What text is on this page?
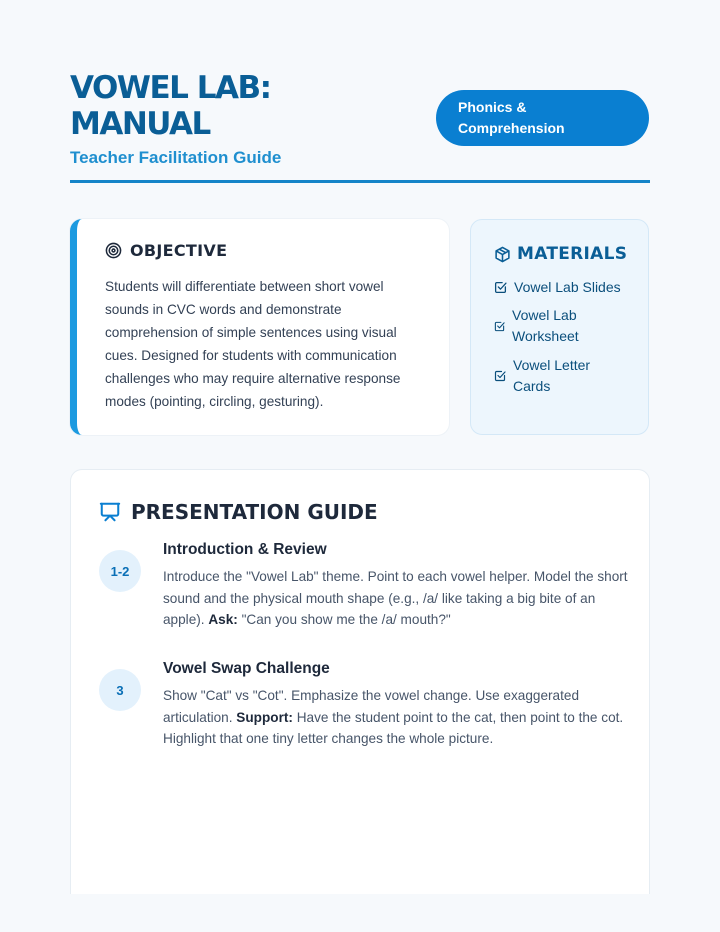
VOWEL LAB:
MANUAL
Teacher Facilitation Guide
Phonics &
Comprehension
OBJECTIVE
Students will differentiate between short vowel sounds in CVC words and demonstrate comprehension of simple sentences using visual cues. Designed for students with communication challenges who may require alternative response modes (pointing, circling, gesturing).
MATERIALS
Vowel Lab Slides
Vowel Lab
Worksheet
Vowel Letter
Cards
PRESENTATION GUIDE
1-2
Introduction & Review

Introduce the "Vowel Lab" theme. Point to each vowel helper. Model the short sound and the physical mouth shape (e.g., /a/ like taking a big bite of an apple). Ask: "Can you show me the /a/ mouth?"

3
Vowel Swap Challenge

Show "Cat" vs "Cot". Emphasize the vowel change. Use exaggerated articulation. Support: Have the student point to the cat, then point to the cot. Highlight that one tiny letter changes the whole picture.
